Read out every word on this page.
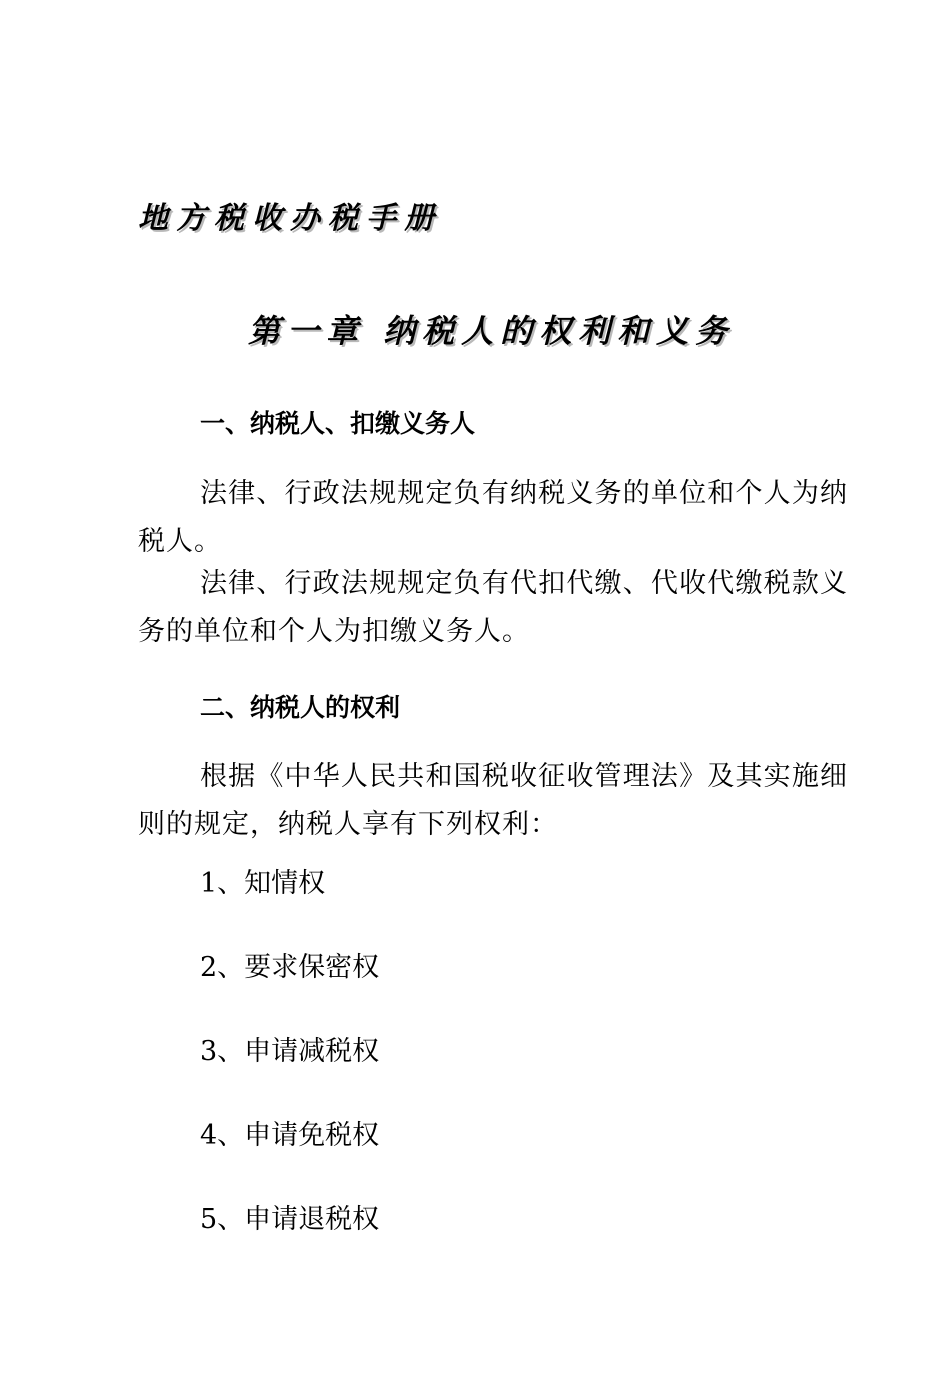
地方税收办税手册
第一章 纳税人的权利和义务
一、纳税人、扣缴义务人
法律、行政法规规定负有纳税义务的单位和个人为纳税人。
法律、行政法规规定负有代扣代缴、代收代缴税款义务的单位和个人为扣缴义务人。
二、纳税人的权利
根据《中华人民共和国税收征收管理法》及其实施细则的规定，纳税人享有下列权利：
1、知情权
2、要求保密权
3、申请减税权
4、申请免税权
5、申请退税权
